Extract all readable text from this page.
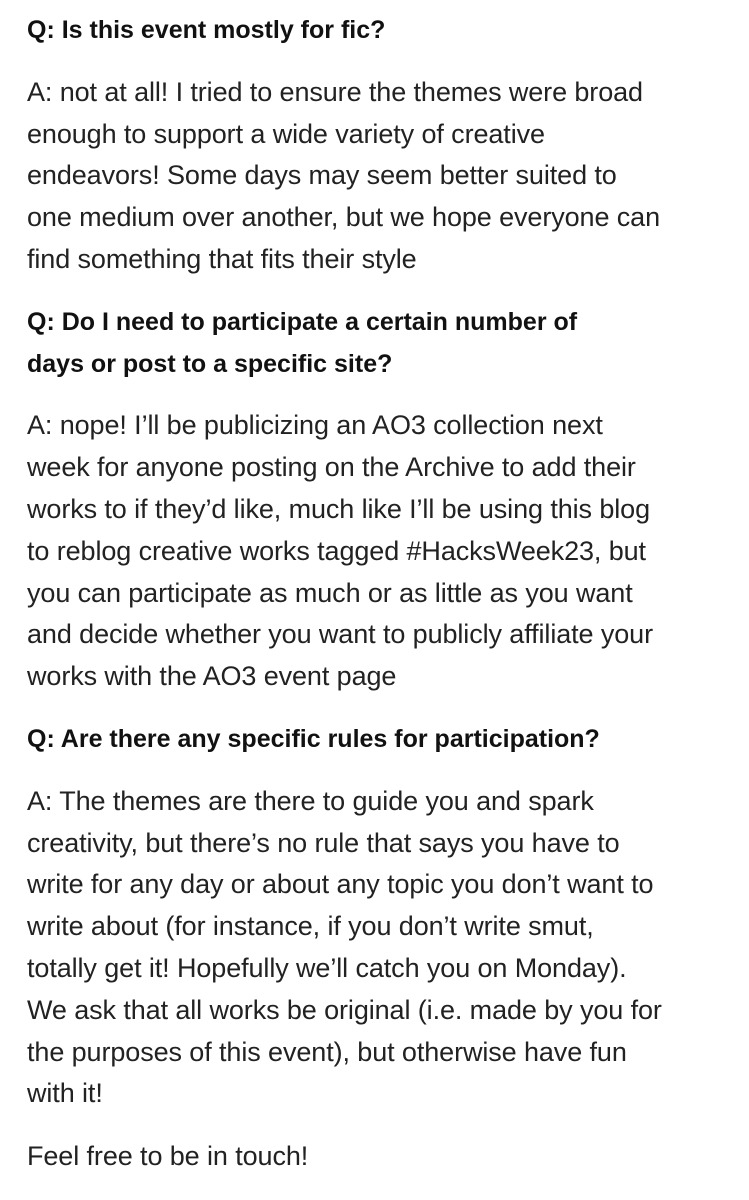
Q: Is this event mostly for fic?
A: not at all! I tried to ensure the themes were broad
enough to support a wide variety of creative
endeavors! Some days may seem better suited to
one medium over another, but we hope everyone can
find something that fits their style
Q: Do I need to participate a certain number of
days or post to a specific site?
A: nope! I’ll be publicizing an AO3 collection next
week for anyone posting on the Archive to add their
works to if they’d like, much like I’ll be using this blog
to reblog creative works tagged #HacksWeek23, but
you can participate as much or as little as you want
and decide whether you want to publicly affiliate your
works with the AO3 event page
Q: Are there any specific rules for participation?
A: The themes are there to guide you and spark
creativity, but there’s no rule that says you have to
write for any day or about any topic you don’t want to
write about (for instance, if you don’t write smut,
totally get it! Hopefully we’ll catch you on Monday).
We ask that all works be original (i.e. made by you for
the purposes of this event), but otherwise have fun
with it!
Feel free to be in touch!
